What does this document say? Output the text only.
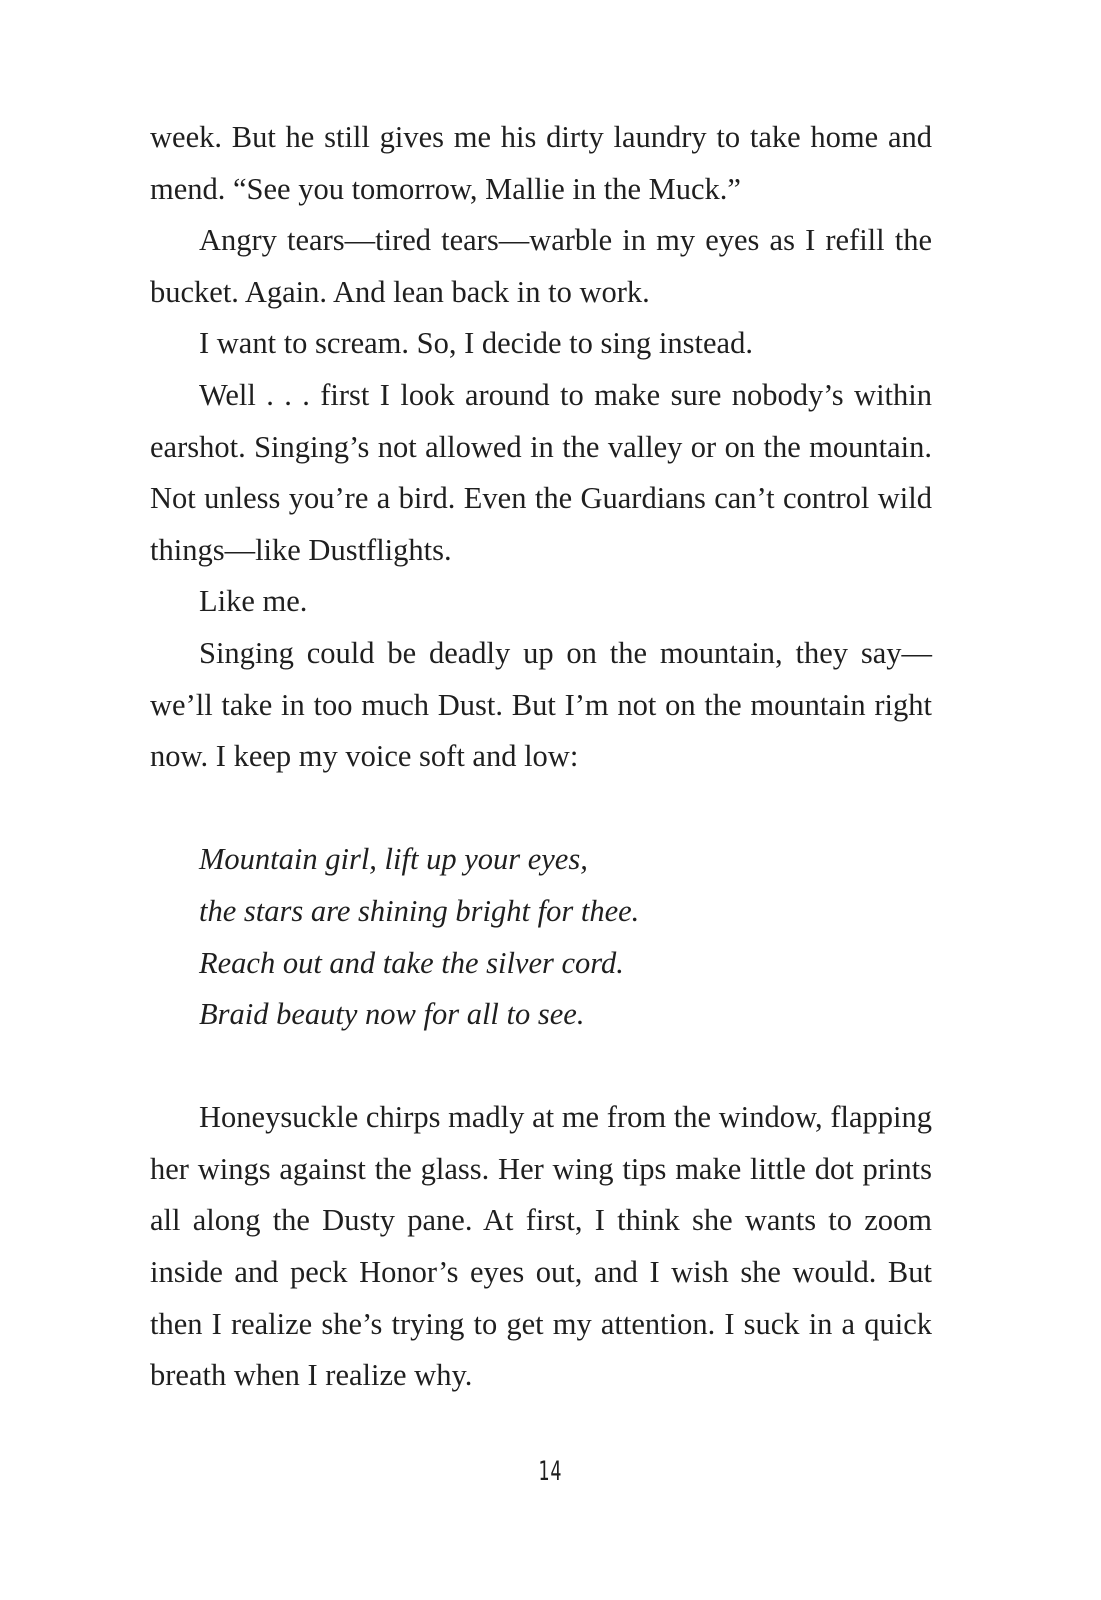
week. But he still gives me his dirty laundry to take home and mend. “See you tomorrow, Mallie in the Muck.”

Angry tears—tired tears—warble in my eyes as I refill the bucket. Again. And lean back in to work.

I want to scream. So, I decide to sing instead.

Well . . . first I look around to make sure nobody’s within earshot. Singing’s not allowed in the valley or on the mountain. Not unless you’re a bird. Even the Guardians can’t control wild things—like Dustflights.

Like me.

Singing could be deadly up on the mountain, they say—we’ll take in too much Dust. But I’m not on the mountain right now. I keep my voice soft and low:

Mountain girl, lift up your eyes,
the stars are shining bright for thee.
Reach out and take the silver cord.
Braid beauty now for all to see.

Honeysuckle chirps madly at me from the window, flapping her wings against the glass. Her wing tips make little dot prints all along the Dusty pane. At first, I think she wants to zoom inside and peck Honor’s eyes out, and I wish she would. But then I realize she’s trying to get my attention. I suck in a quick breath when I realize why.

14
